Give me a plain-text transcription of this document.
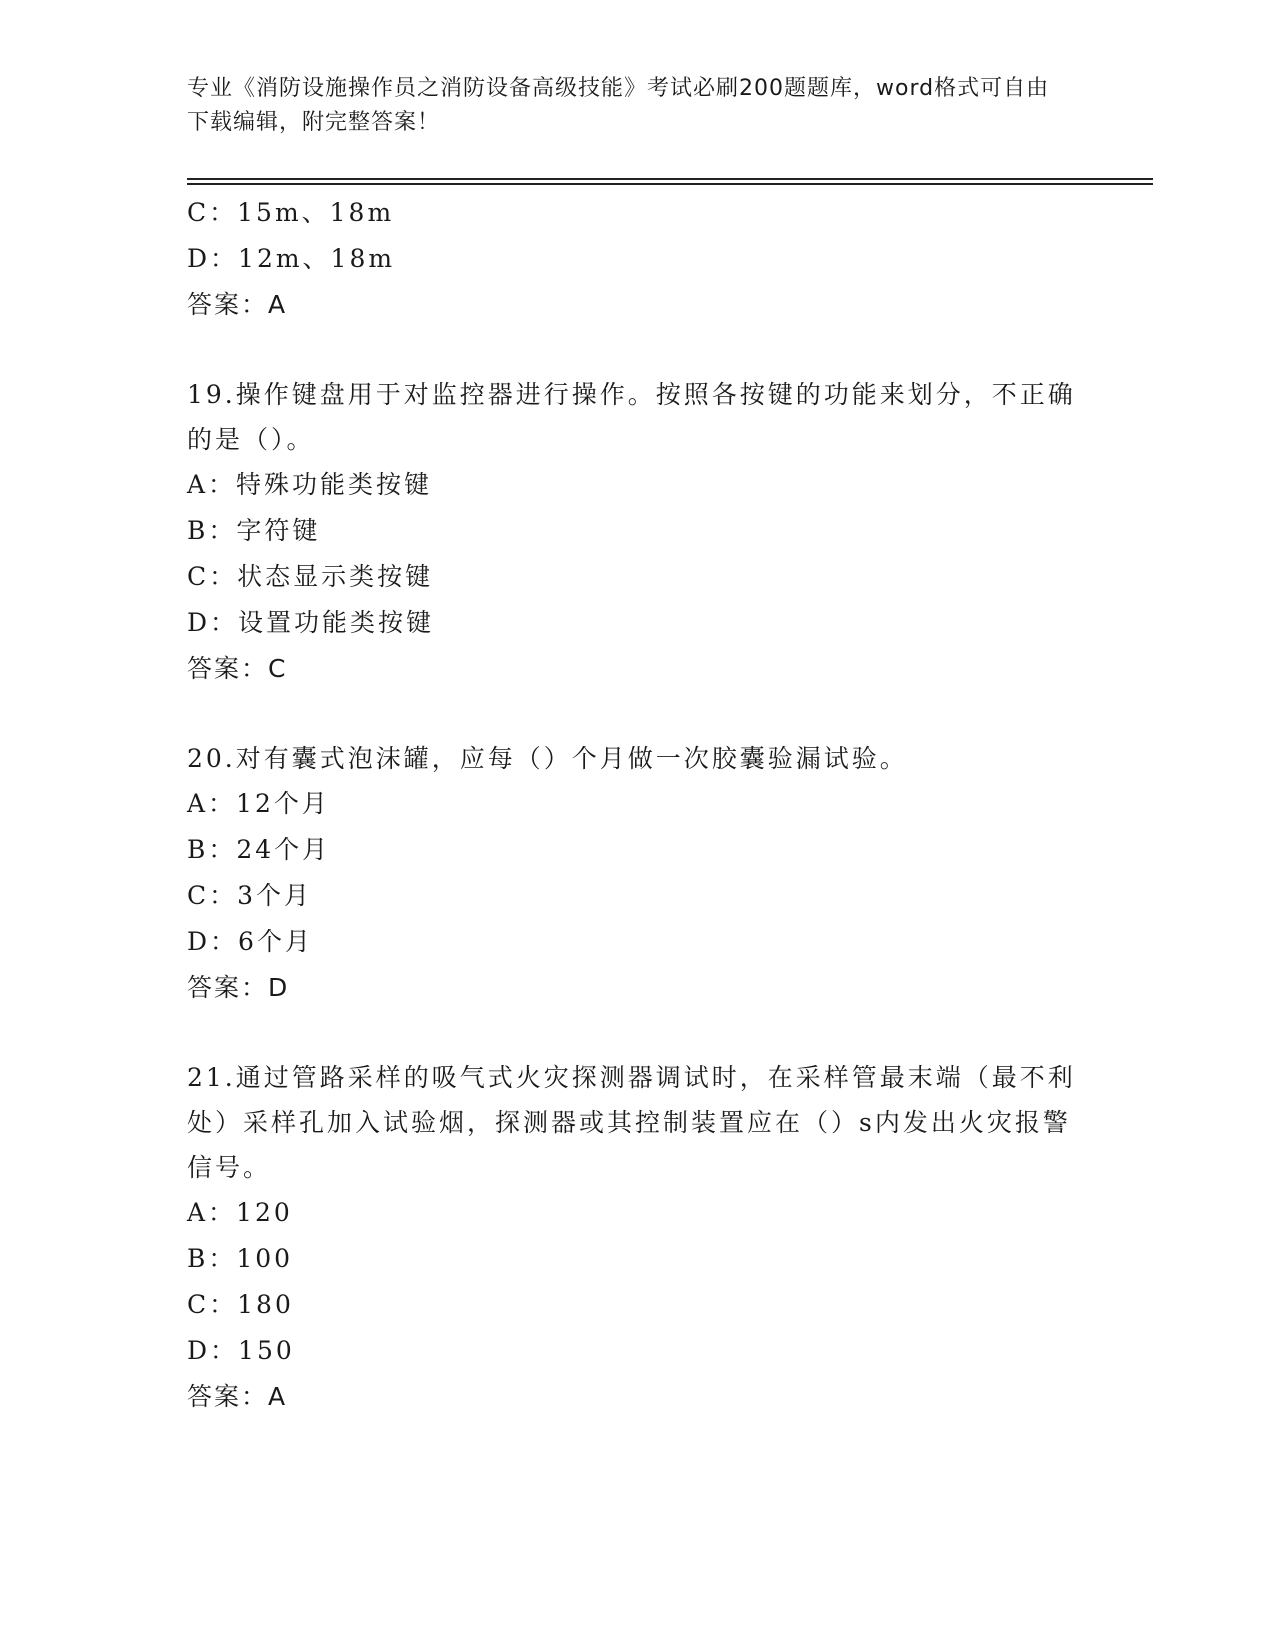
专业《消防设施操作员之消防设备高级技能》考试必刷200题题库，word格式可自由下载编辑，附完整答案！
C：15m、18m
D：12m、18m
答案：A
19.操作键盘用于对监控器进行操作。按照各按键的功能来划分，不正确的是（）。
A：特殊功能类按键
B：字符键
C：状态显示类按键
D：设置功能类按键
答案：C
20.对有囊式泡沫罐，应每（）个月做一次胶囊验漏试验。
A：12个月
B：24个月
C：3个月
D：6个月
答案：D
21.通过管路采样的吸气式火灾探测器调试时，在采样管最末端（最不利处）采样孔加入试验烟，探测器或其控制装置应在（）s内发出火灾报警信号。
A：120
B：100
C：180
D：150
答案：A
